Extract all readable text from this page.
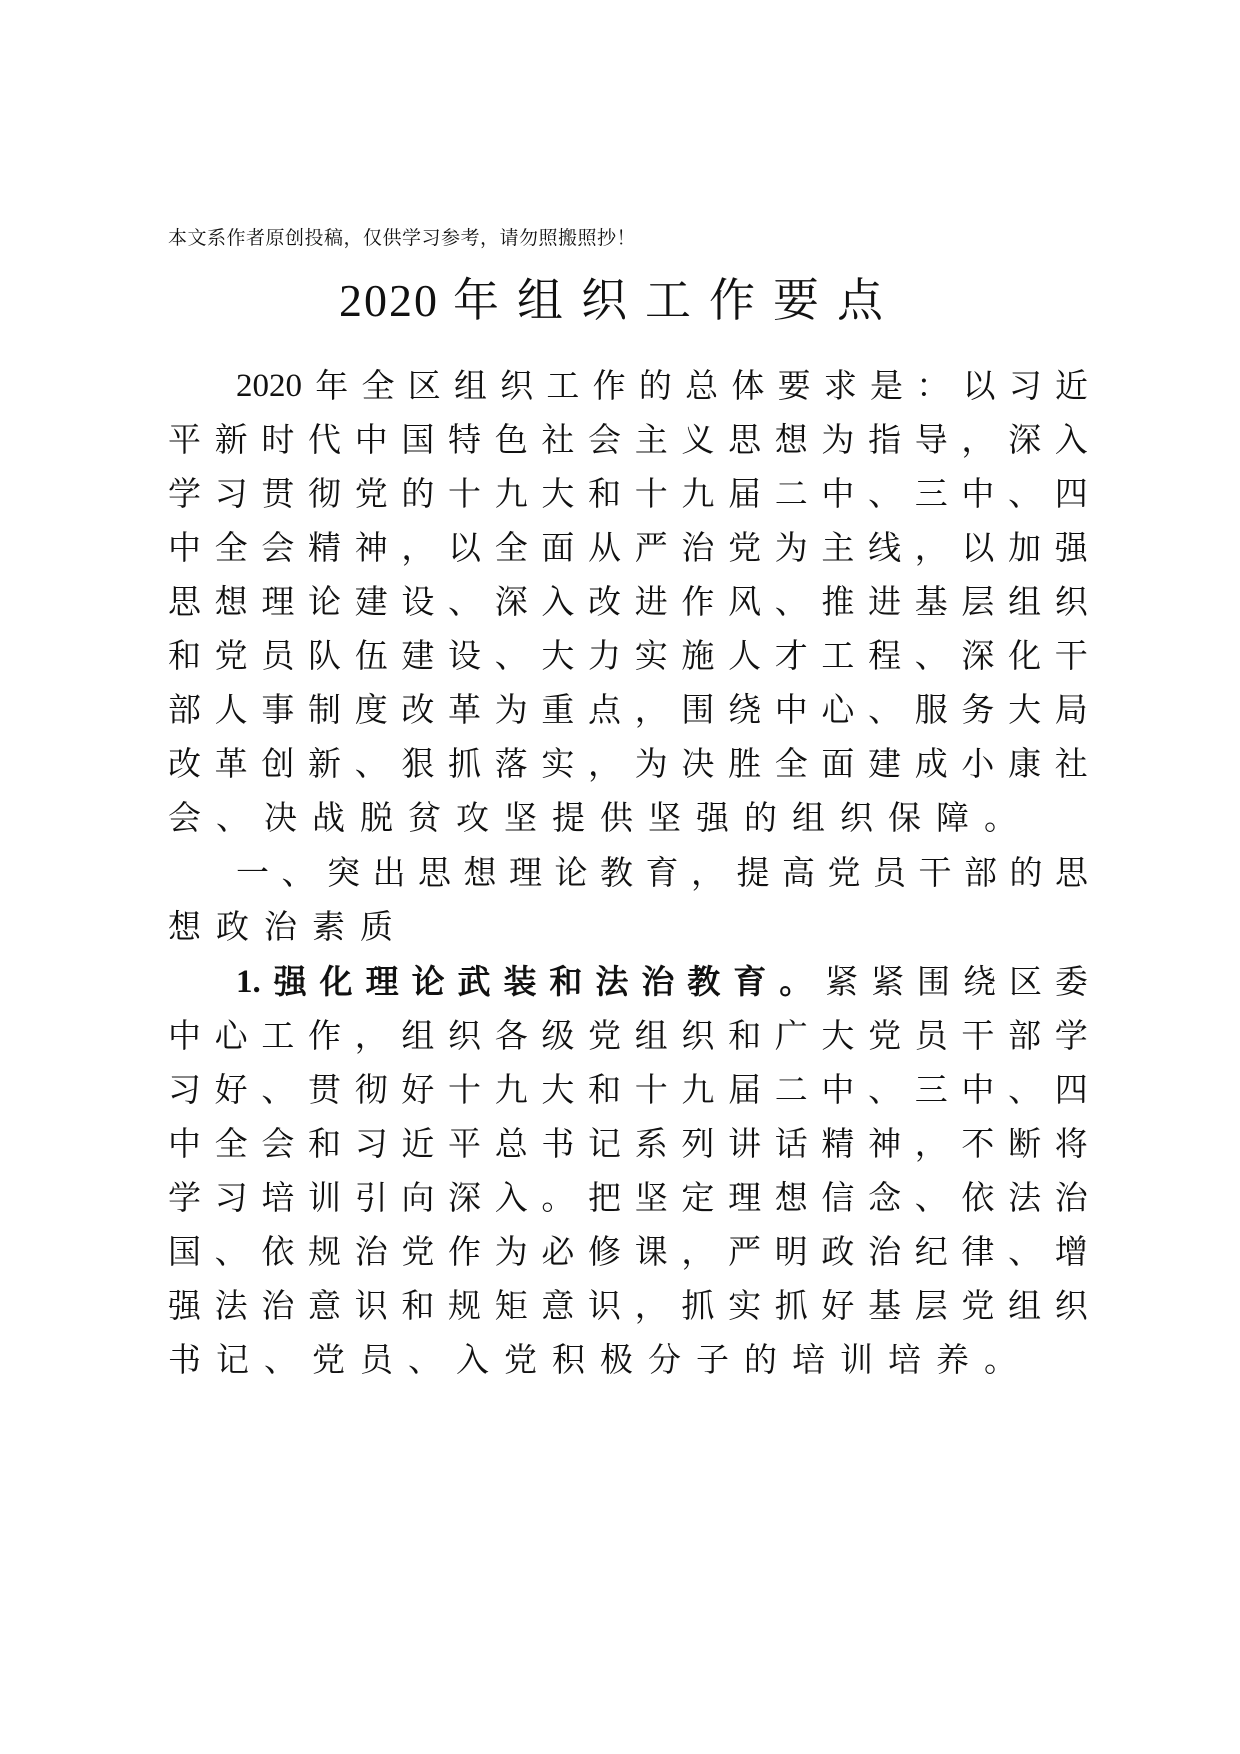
本文系作者原创投稿，仅供学习参考，请勿照搬照抄！
2020 年组织工作要点
2020 年 全 区 组 织 工 作 的 总 体 要 求 是 ： 以 习 近
平 新 时 代 中 国 特 色 社 会 主 义 思 想 为 指 导 ， 深 入
学 习 贯 彻 党 的 十 九 大 和 十 九 届 二 中 、 三 中 、 四
中 全 会 精 神 ， 以 全 面 从 严 治 党 为 主 线 ， 以 加 强
思 想 理 论 建 设 、 深 入 改 进 作 风 、 推 进 基 层 组 织
和 党 员 队 伍 建 设 、 大 力 实 施 人 才 工 程 、 深 化 干
部 人 事 制 度 改 革 为 重 点 ， 围 绕 中 心 、 服 务 大 局
改 革 创 新 、 狠 抓 落 实 ， 为 决 胜 全 面 建 成 小 康 社
会 、 决 战 脱 贫 攻 坚 提 供 坚 强 的 组 织 保 障 。
一 、 突 出 思 想 理 论 教 育 ， 提 高 党 员 干 部 的 思
想 政 治 素 质
1. 强 化 理 论 武 装 和 法 治 教 育 。 紧 紧 围 绕 区 委
中 心 工 作 ， 组 织 各 级 党 组 织 和 广 大 党 员 干 部 学
习 好 、 贯 彻 好 十 九 大 和 十 九 届 二 中 、 三 中 、 四
中 全 会 和 习 近 平 总 书 记 系 列 讲 话 精 神 ， 不 断 将
学 习 培 训 引 向 深 入 。 把 坚 定 理 想 信 念 、 依 法 治
国 、 依 规 治 党 作 为 必 修 课 ， 严 明 政 治 纪 律 、 增
强 法 治 意 识 和 规 矩 意 识 ， 抓 实 抓 好 基 层 党 组 织
书 记 、 党 员 、 入 党 积 极 分 子 的 培 训 培 养 。
